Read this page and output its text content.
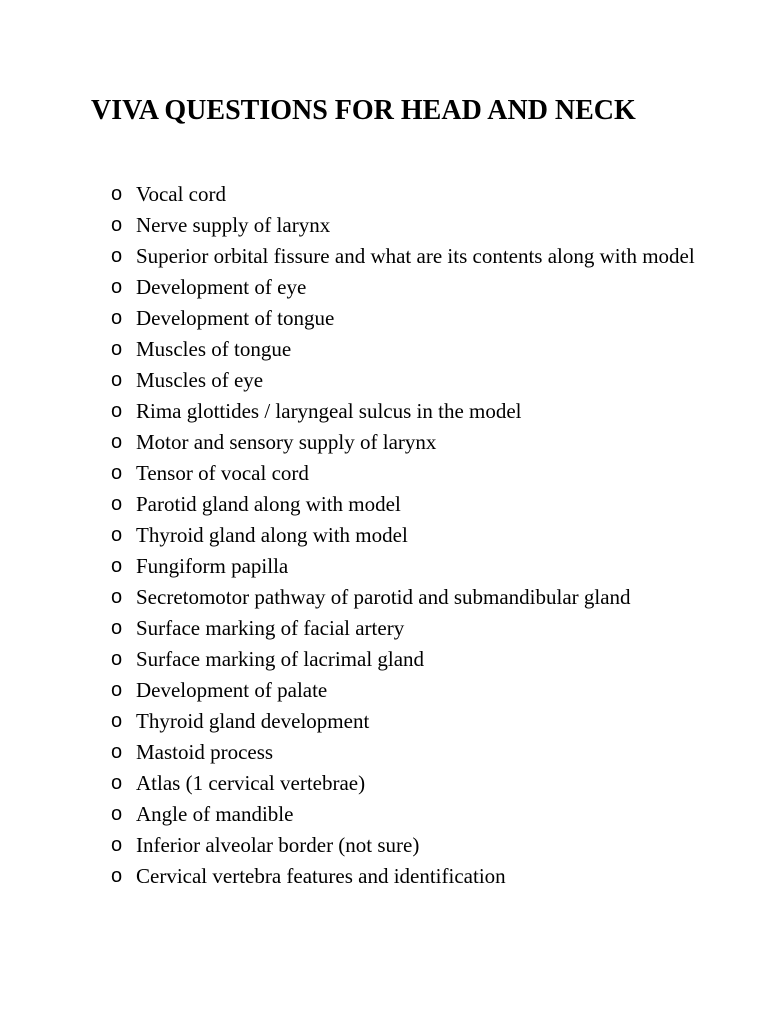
VIVA QUESTIONS FOR HEAD AND NECK
o Vocal cord
o Nerve supply of larynx
o Superior orbital fissure and what are its contents along with model
o Development of eye
o Development of tongue
o Muscles of tongue
o Muscles of eye
o Rima glottides / laryngeal sulcus in the model
o Motor and sensory supply of larynx
o Tensor of vocal cord
o Parotid gland along with model
o Thyroid gland along with model
o Fungiform papilla
o Secretomotor pathway of parotid and submandibular gland
o Surface marking of facial artery
o Surface marking of lacrimal gland
o Development of palate
o Thyroid gland development
o Mastoid process
o Atlas (1 cervical vertebrae)
o Angle of mandible
o Inferior alveolar border (not sure)
o Cervical vertebra features and identification
